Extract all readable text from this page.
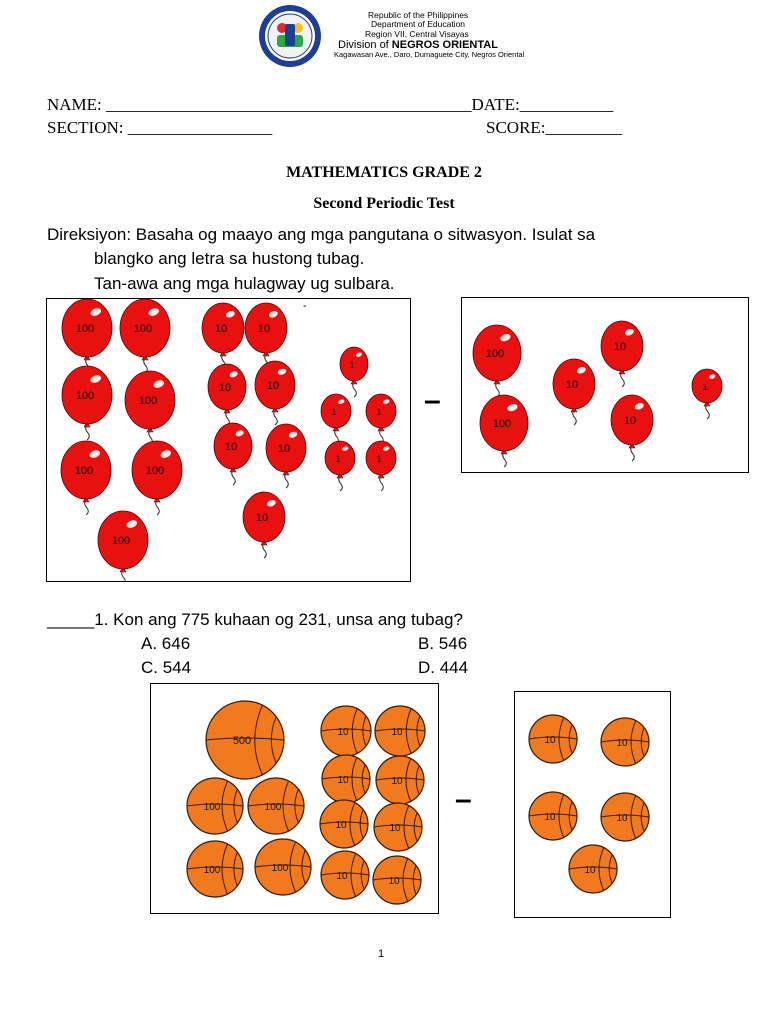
Republic of the Philippines
Department of Education
Region VII, Central Visayas
Division of NEGROS ORIENTAL
Kagawasan Ave., Daro, Dumaguete City, Negros Oriental
NAME: ___________________________________________DATE:___________
SECTION: _________________	SCORE:_________
MATHEMATICS GRADE 2
Second Periodic Test
Direksiyon: Basaha og maayo ang mga pangutana o sitwasyon. Isulat sa
blangko ang letra sa hustong tubag.
Tan-awa ang mga hulagway ug sulbara.
100	100	10	10
100	100
10	10
1
1	1
100	100
10	10
1	1
100
10
-
–
100
10
10
1
100	10
_____1. Kon ang 775 kuhaan og 231, unsa ang tubag?
A. 646	B. 546
C. 544	D. 444
500
10	10
100	100
10	10
10	10
100	100
10	10
–
10	10
10	10
10
1
